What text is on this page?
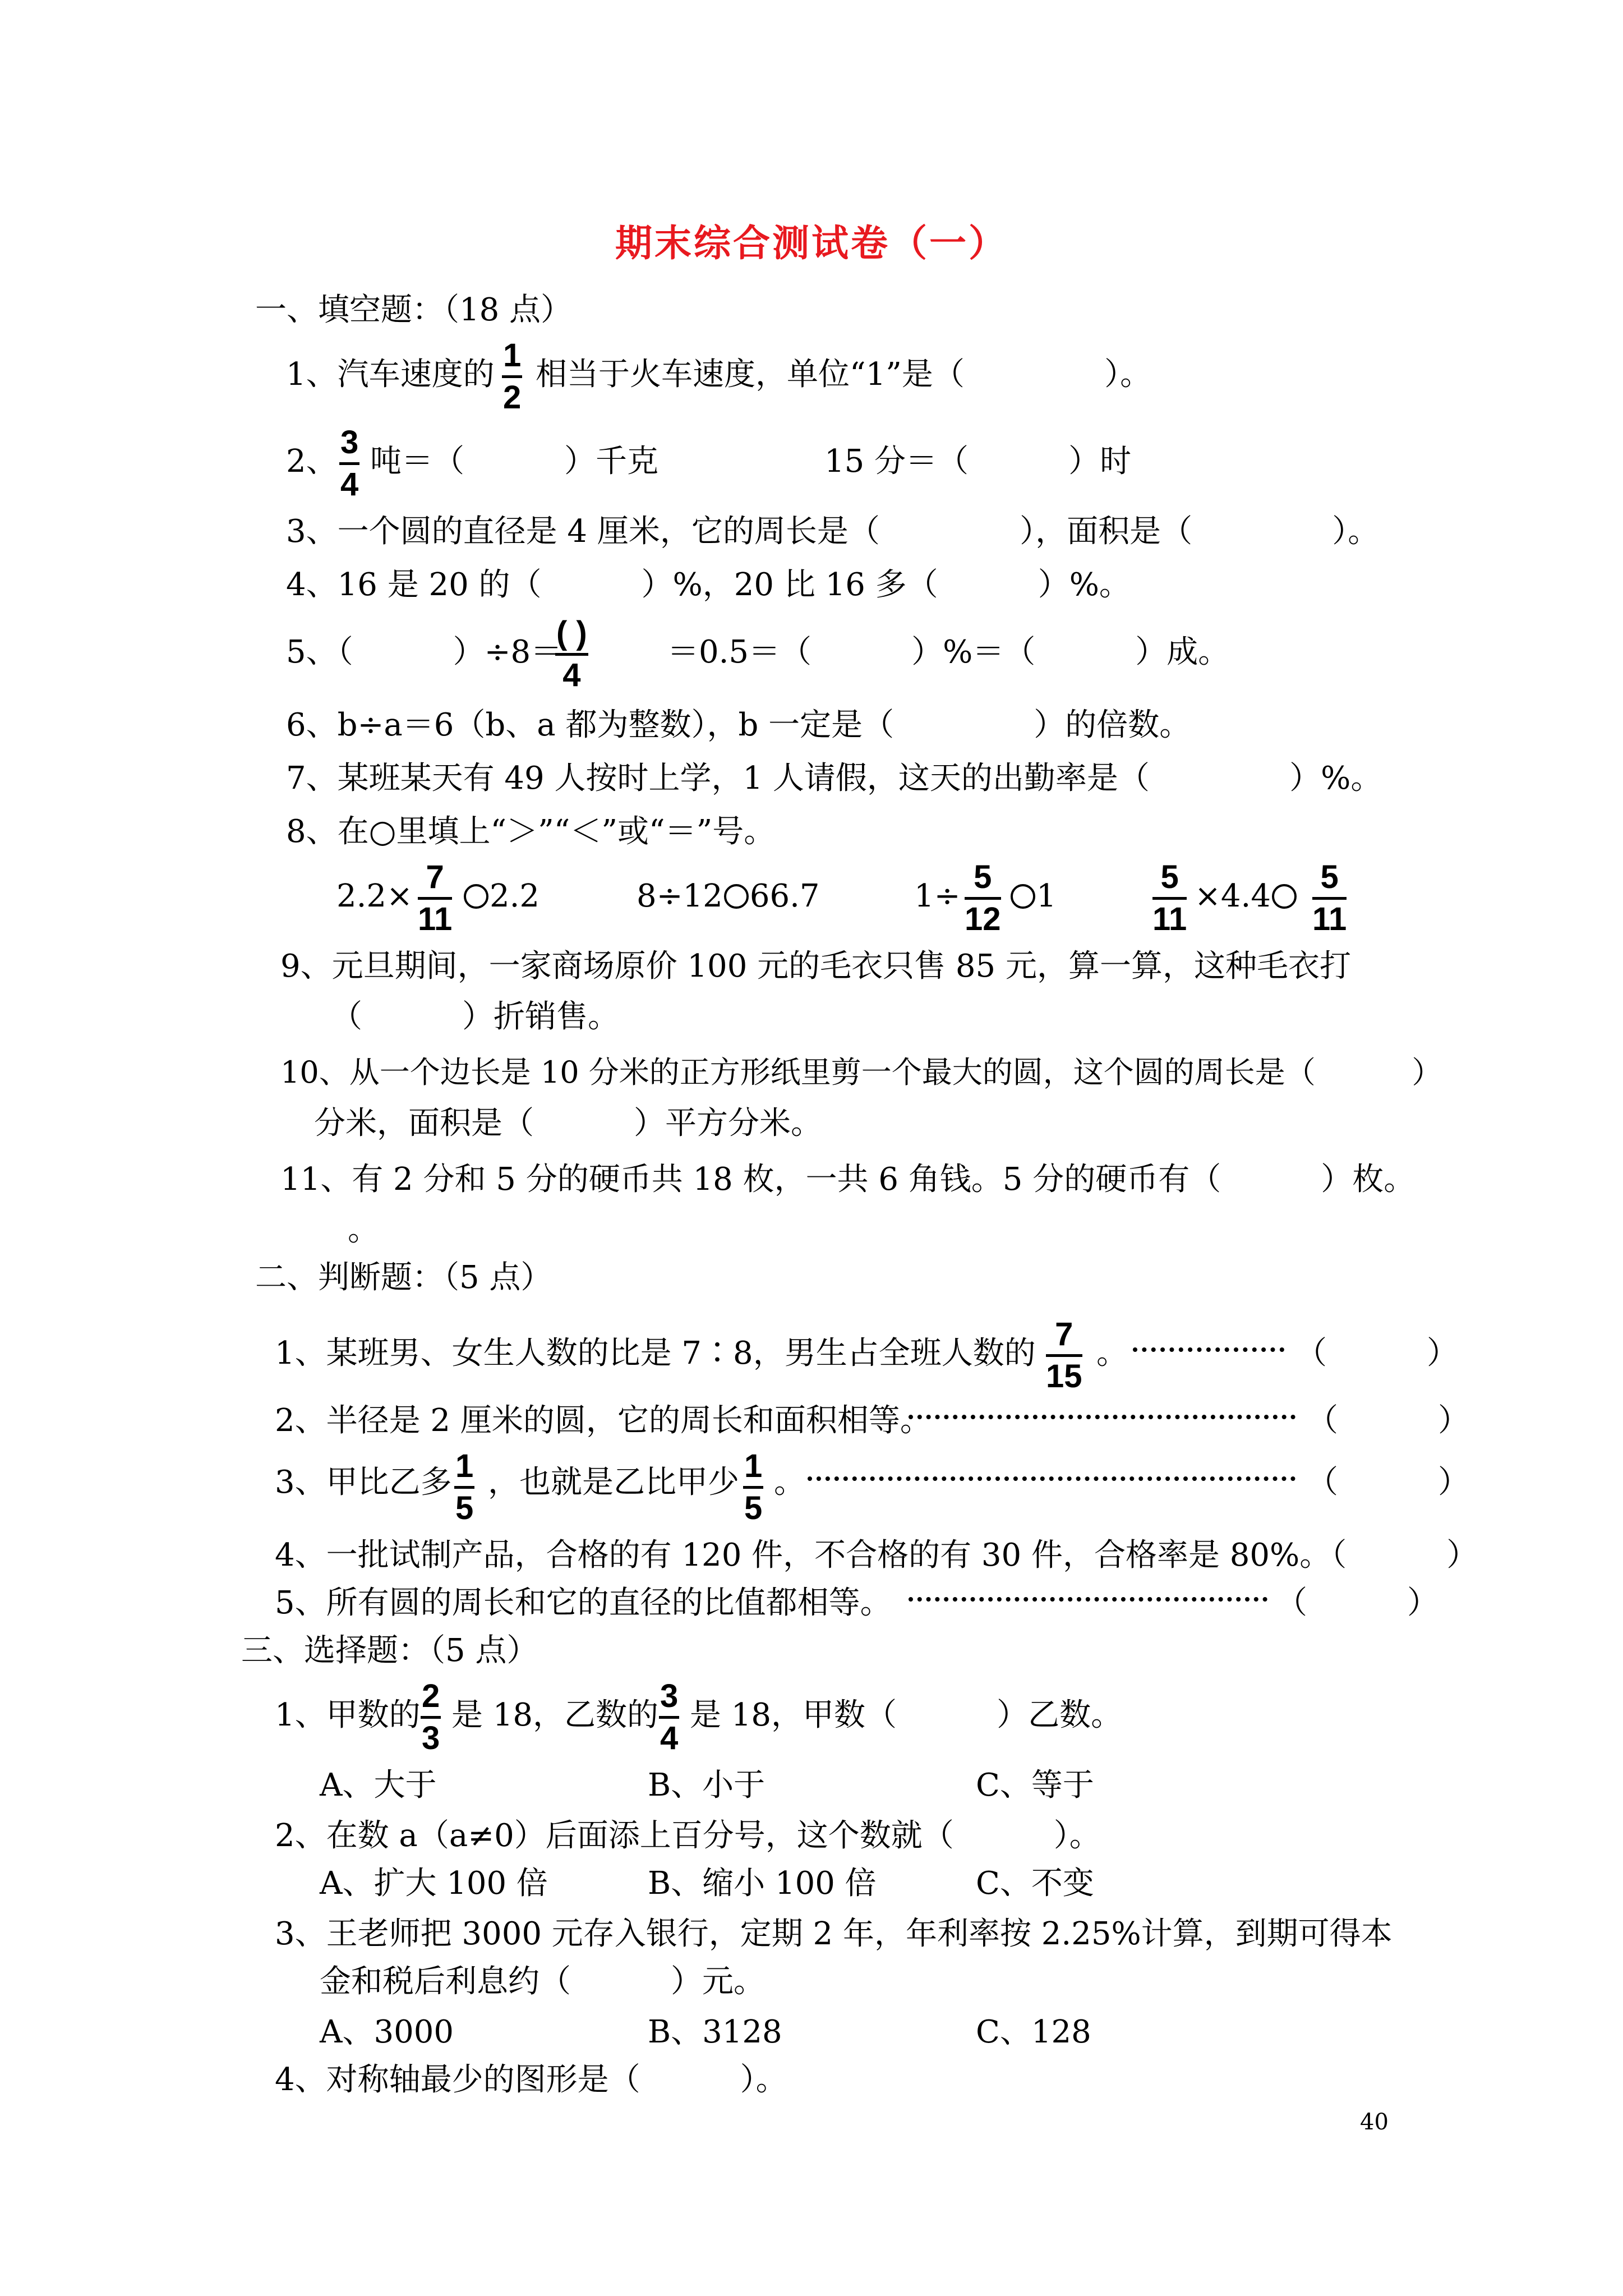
期末综合测试卷（一）
一、填空题：（18 点）
1、汽车速度的
1
2
相当于火车速度，单位“1”是（              ）。
2、
3
4
吨＝（          ）千克	15 分＝（          ）时
3、一个圆的直径是 4 厘米，它的周长是（              ），面积是（              ）。
4、16 是 20 的（          ）%，20 比 16 多（          ）%。
5、（          ）÷8＝
( )
4
＝0.5＝（          ）%＝（          ）成。
6、b÷a＝6（b、a 都为整数），b 一定是（              ）的倍数。
7、某班某天有 49 人按时上学，1 人请假，这天的出勤率是（              ）%。
8、在○里填上“＞”“＜”或“＝”号。
2.2×
7
11
2.2	8÷12 66.7	1÷
5
12
1
5
11
×4.4
5
11
9、元旦期间，一家商场原价 100 元的毛衣只售 85 元，算一算，这种毛衣打
（          ）折销售。
10、从一个边长是 10 分米的正方形纸里剪一个最大的圆，这个圆的周长是（          ）
分米，面积是（          ）平方分米。
11、有 2 分和 5 分的硬币共 18 枚，一共 6 角钱。5 分的硬币有（          ）枚。
。
二、判断题：（5 点）
1、某班男、女生人数的比是 7∶8，男生占全班人数的
7
15
。	（          ）
2、半径是 2 厘米的圆，它的周长和面积相等。	（          ）
3、甲比乙多 1
5
，也就是乙比甲少 1
5
。	（          ）
4、一批试制产品，合格的有 120 件，不合格的有 30 件，合格率是 80%。（          ）
5、所有圆的周长和它的直径的比值都相等。	（          ）
三、选择题：（5 点）
1、甲数的
2
3
是 18，乙数的
3
4
是 18，甲数（          ）乙数。
A、大于	B、小于	C、等于
2、在数 a（a≠0）后面添上百分号，这个数就（          ）。
A、扩大 100 倍	B、缩小 100 倍	C、不变
3、王老师把 3000 元存入银行，定期 2 年，年利率按 2.25%计算，到期可得本
金和税后利息约（          ）元。
A、3000	B、3128	C、128
4、对称轴最少的图形是（          ）。
40
